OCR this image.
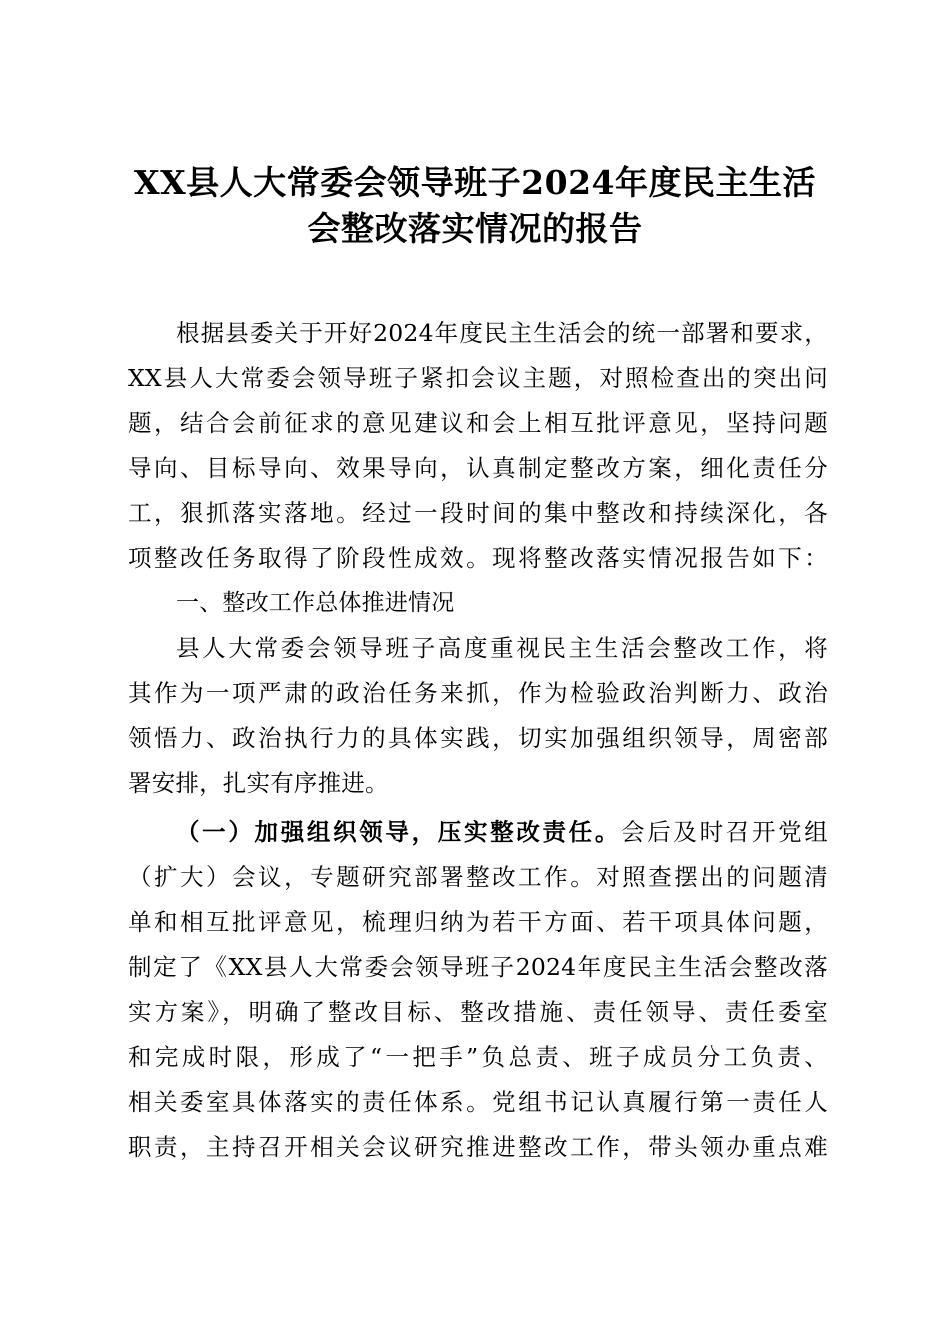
XX县人大常委会领导班子2024年度民主生活
会整改落实情况的报告
根据县委关于开好2024年度民主生活会的统一部署和要求，
XX县人大常委会领导班子紧扣会议主题，对照检查出的突出问
题，结合会前征求的意见建议和会上相互批评意见，坚持问题
导向、目标导向、效果导向，认真制定整改方案，细化责任分
工，狠抓落实落地。经过一段时间的集中整改和持续深化，各
项整改任务取得了阶段性成效。现将整改落实情况报告如下：
一、整改工作总体推进情况
县人大常委会领导班子高度重视民主生活会整改工作，将
其作为一项严肃的政治任务来抓，作为检验政治判断力、政治
领悟力、政治执行力的具体实践，切实加强组织领导，周密部
署安排，扎实有序推进。
（一）加强组织领导，压实整改责任。会后及时召开党组
（扩大）会议，专题研究部署整改工作。对照查摆出的问题清
单和相互批评意见，梳理归纳为若干方面、若干项具体问题，
制定了《XX县人大常委会领导班子2024年度民主生活会整改落
实方案》，明确了整改目标、整改措施、责任领导、责任委室
和完成时限，形成了“一把手”负总责、班子成员分工负责、
相关委室具体落实的责任体系。党组书记认真履行第一责任人
职责，主持召开相关会议研究推进整改工作，带头领办重点难
